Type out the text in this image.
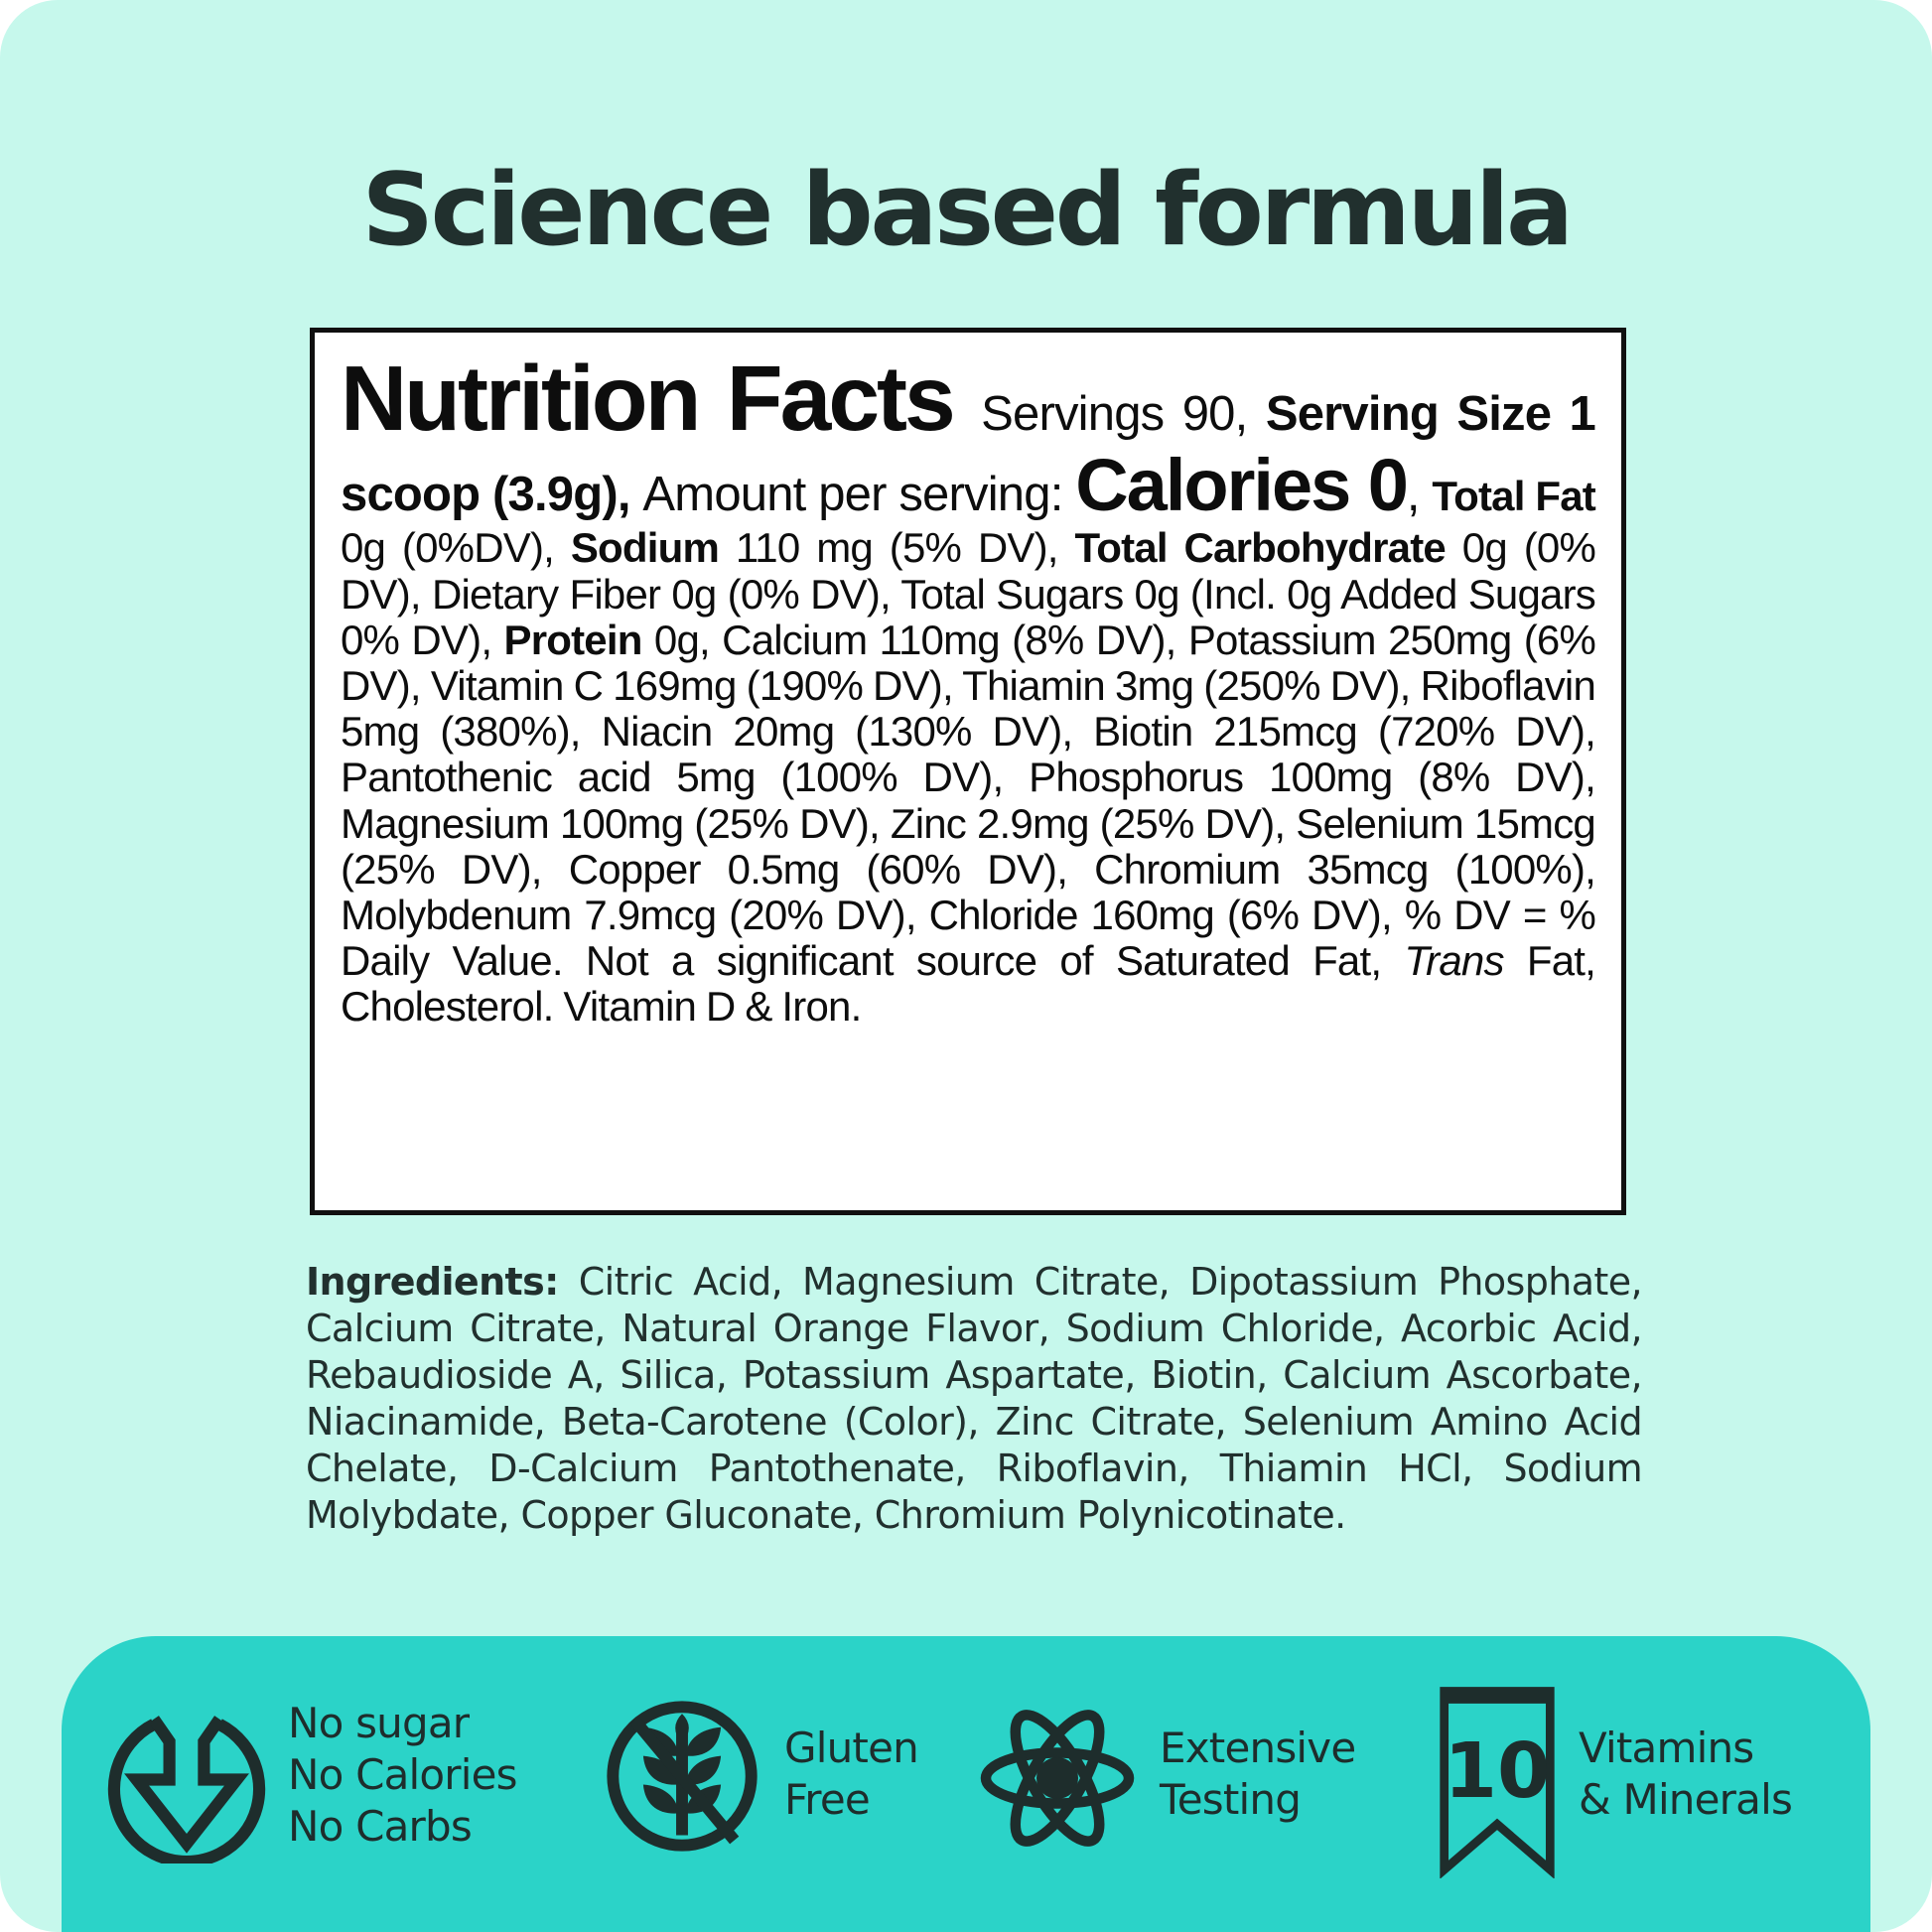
Science based formula

Nutrition Facts Servings 90, Serving Size 1 scoop (3.9g), Amount per serving: Calories 0, Total Fat 0g (0%DV), Sodium 110 mg (5% DV), Total Carbohydrate 0g (0% DV), Dietary Fiber 0g (0% DV), Total Sugars 0g (Incl. 0g Added Sugars 0% DV), Protein 0g, Calcium 110mg (8% DV), Potassium 250mg (6% DV), Vitamin C 169mg (190% DV), Thiamin 3mg (250% DV), Riboflavin 5mg (380%), Niacin 20mg (130% DV), Biotin 215mcg (720% DV), Pantothenic acid 5mg (100% DV), Phosphorus 100mg (8% DV), Magnesium 100mg (25% DV), Zinc 2.9mg (25% DV), Selenium 15mcg (25% DV), Copper 0.5mg (60% DV), Chromium 35mcg (100%), Molybdenum 7.9mcg (20% DV), Chloride 160mg (6% DV), % DV = % Daily Value. Not a significant source of Saturated Fat, Trans Fat, Cholesterol. Vitamin D & Iron.

Ingredients: Citric Acid, Magnesium Citrate, Dipotassium Phosphate, Calcium Citrate, Natural Orange Flavor, Sodium Chloride, Acorbic Acid, Rebaudioside A, Silica, Potassium Aspartate, Biotin, Calcium Ascorbate, Niacinamide, Beta-Carotene (Color), Zinc Citrate, Selenium Amino Acid Chelate, D-Calcium Pantothenate, Riboflavin, Thiamin HCl, Sodium Molybdate, Copper Gluconate, Chromium Polynicotinate.

No sugar
No Calories
No Carbs
Gluten
Free
Extensive
Testing	10 Vitamins
& Minerals
